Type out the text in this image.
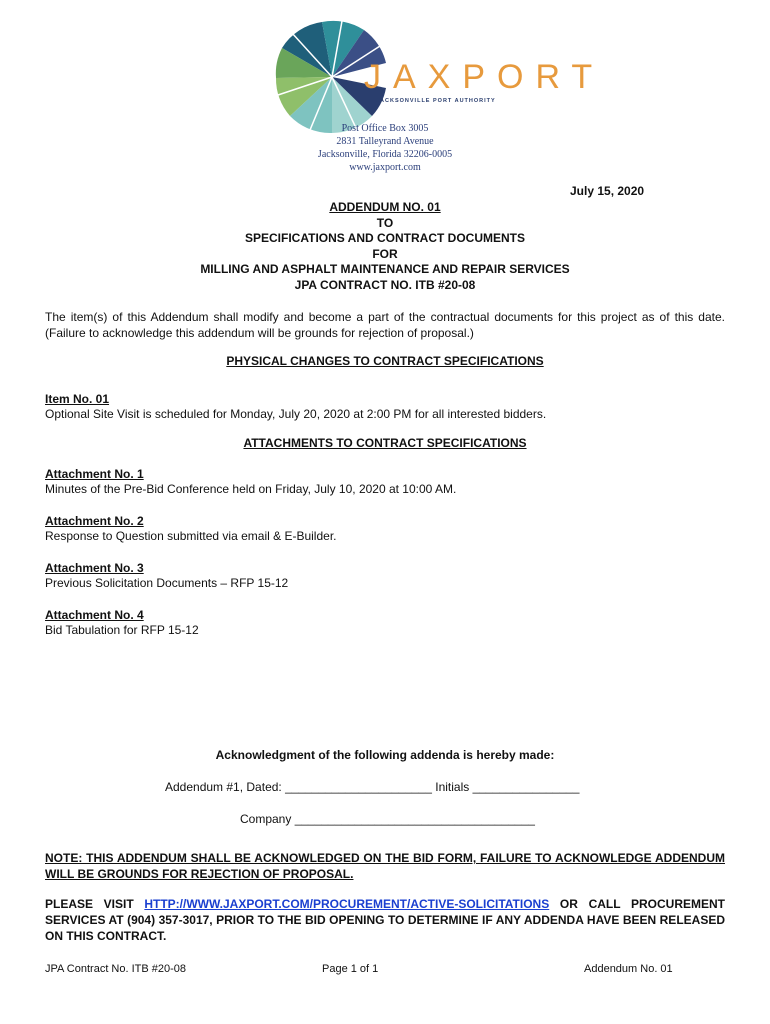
JAXPORT
JACKSONVILLE PORT AUTHORITY
Post Office Box 3005
2831 Talleyrand Avenue
Jacksonville, Florida 32206-0005
www.jaxport.com
July 15, 2020
ADDENDUM NO. 01
TO
SPECIFICATIONS AND CONTRACT DOCUMENTS
FOR
MILLING AND ASPHALT MAINTENANCE AND REPAIR SERVICES
JPA CONTRACT NO. ITB #20-08
The item(s) of this Addendum shall modify and become a part of the contractual documents for this project as of this date. (Failure to acknowledge this addendum will be grounds for rejection of proposal.)
PHYSICAL CHANGES TO CONTRACT SPECIFICATIONS
Item No. 01
Optional Site Visit is scheduled for Monday, July 20, 2020 at 2:00 PM for all interested bidders.
ATTACHMENTS TO CONTRACT SPECIFICATIONS
Attachment No. 1
Minutes of the Pre-Bid Conference held on Friday, July 10, 2020 at 10:00 AM.
Attachment No. 2
Response to Question submitted via email & E-Builder.
Attachment No. 3
Previous Solicitation Documents – RFP 15-12
Attachment No. 4
Bid Tabulation for RFP 15-12
Acknowledgment of the following addenda is hereby made:
Addendum #1, Dated: ______________________ Initials ________________
Company ____________________________________
NOTE: THIS ADDENDUM SHALL BE ACKNOWLEDGED ON THE BID FORM, FAILURE TO ACKNOWLEDGE ADDENDUM WILL BE GROUNDS FOR REJECTION OF PROPOSAL.
PLEASE VISIT HTTP://WWW.JAXPORT.COM/PROCUREMENT/ACTIVE-SOLICITATIONS OR CALL PROCUREMENT SERVICES AT (904) 357-3017, PRIOR TO THE BID OPENING TO DETERMINE IF ANY ADDENDA HAVE BEEN RELEASED ON THIS CONTRACT.
JPA Contract No. ITB #20-08	Page 1 of 1	Addendum No. 01
